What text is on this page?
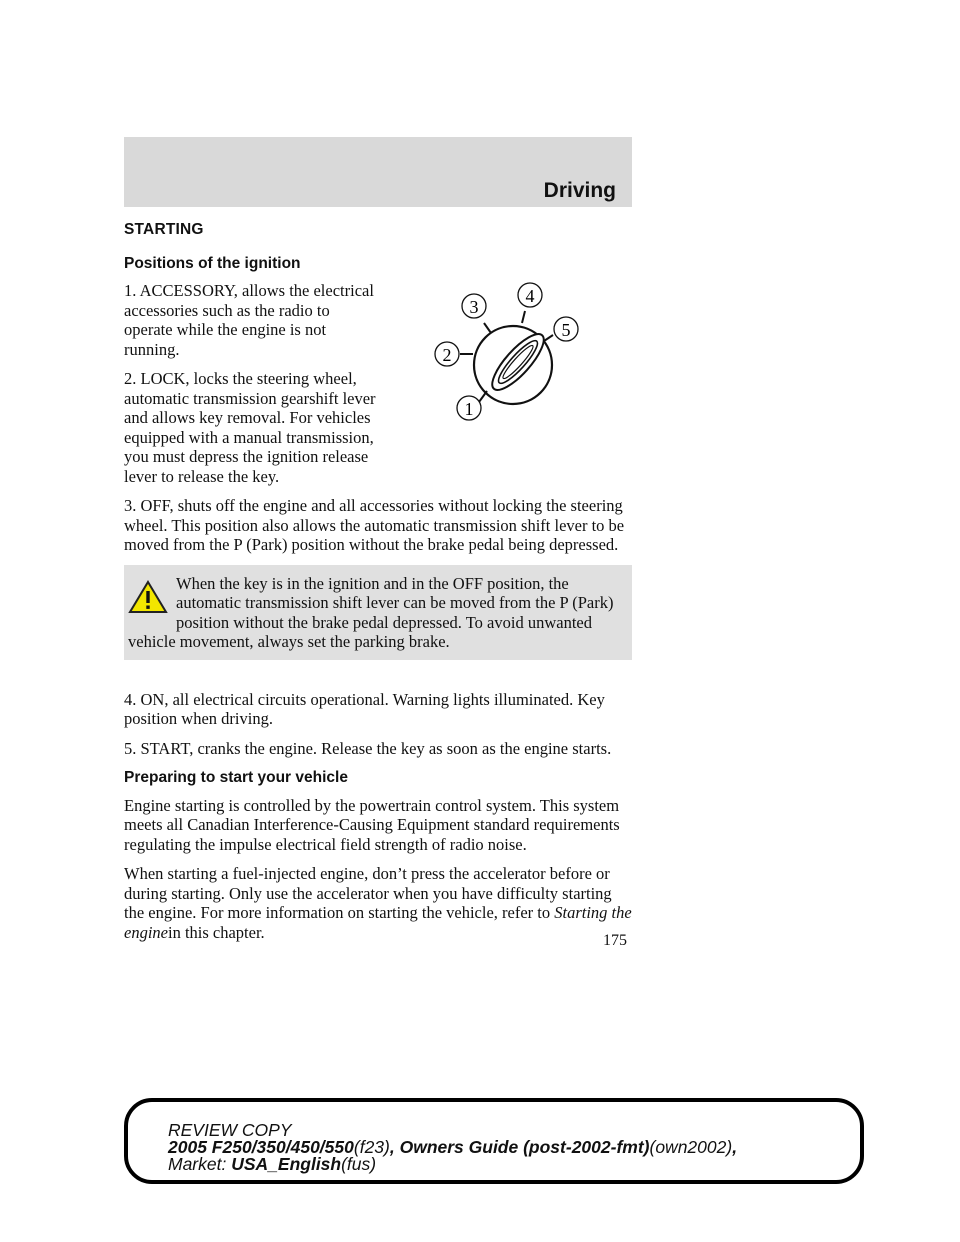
Driving

STARTING

Positions of the ignition

1. ACCESSORY, allows the electrical accessories such as the radio to operate while the engine is not running.

2. LOCK, locks the steering wheel, automatic transmission gearshift lever and allows key removal. For vehicles equipped with a manual transmission, you must depress the ignition release lever to release the key.

3. OFF, shuts off the engine and all accessories without locking the steering wheel. This position also allows the automatic transmission shift lever to be moved from the P (Park) position without the brake pedal being depressed.

When the key is in the ignition and in the OFF position, the automatic transmission shift lever can be moved from the P (Park) position without the brake pedal depressed. To avoid unwanted vehicle movement, always set the parking brake.

4. ON, all electrical circuits operational. Warning lights illuminated. Key position when driving.

5. START, cranks the engine. Release the key as soon as the engine starts.

Preparing to start your vehicle

Engine starting is controlled by the powertrain control system. This system meets all Canadian Interference-Causing Equipment standard requirements regulating the impulse electrical field strength of radio noise.

When starting a fuel-injected engine, don’t press the accelerator before or during starting. Only use the accelerator when you have difficulty starting the engine. For more information on starting the vehicle, refer to Starting the enginein this chapter.

1
2
3
4
5
175
REVIEW COPY
2005 F250/350/450/550(f23), Owners Guide (post-2002-fmt)(own2002),
Market: USA_English(fus)
